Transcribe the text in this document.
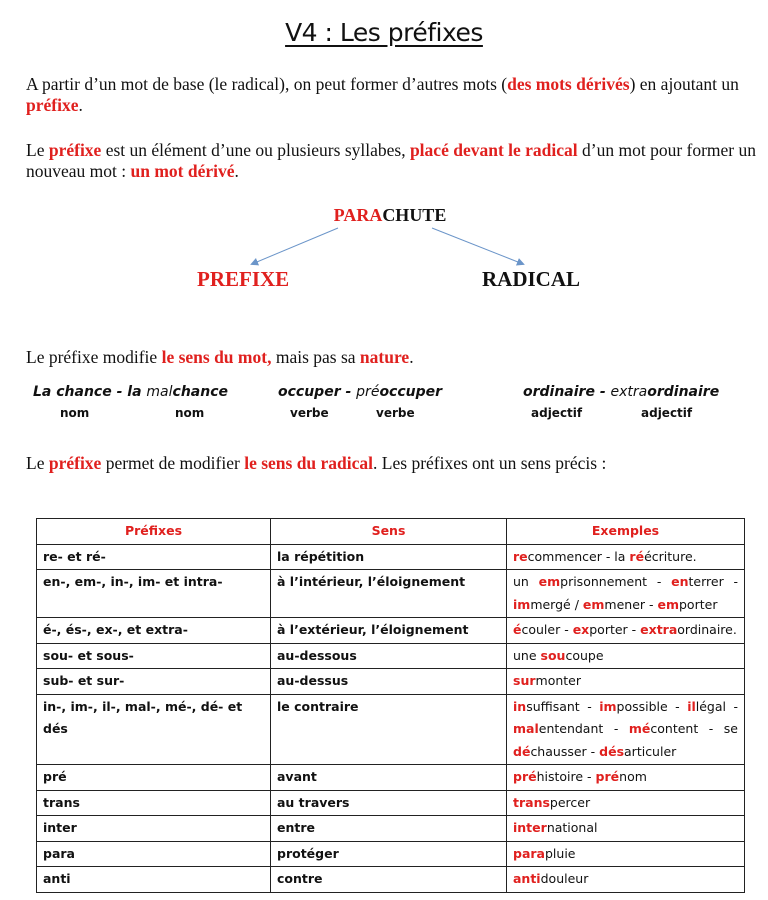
V4 : Les préfixes
A partir d’un mot de base (le radical), on peut former d’autres mots (des mots dérivés) en ajoutant un préfixe.
Le préfixe est un élément d’une ou plusieurs syllabes, placé devant le radical d’un mot pour former un nouveau mot : un mot dérivé.
PARACHUTE
PREFIXE	RADICAL
Le préfixe modifie le sens du mot, mais pas sa nature.
La chance - la malchance
nom	nom
occuper - préoccuper
verbe	verbe
ordinaire - extraordinaire
adjectif	adjectif
Le préfixe permet de modifier le sens du radical. Les préfixes ont un sens précis :
Préfixes	Sens	Exemples
re- et ré-	la répétition	recommencer - la réécriture.
en-, em-, in-, im- et intra-	à l’intérieur, l’éloignement	un emprisonnement - enterrer - immergé / emmener - emporter
é-, és-, ex-, et extra-	à l’extérieur, l’éloignement	écouler - exporter - extraordinaire.
sou- et sous-	au-dessous	une soucoupe
sub- et sur-	au-dessus	surmonter
in-, im-, il-, mal-, mé-, dé- et dés	le contraire	insuffisant - impossible - illégal - malentendant - mécontent - se déchausser - désarticuler
pré	avant	préhistoire - prénom
trans	au travers	transpercer
inter	entre	international
para	protéger	parapluie
anti	contre	antidouleur
